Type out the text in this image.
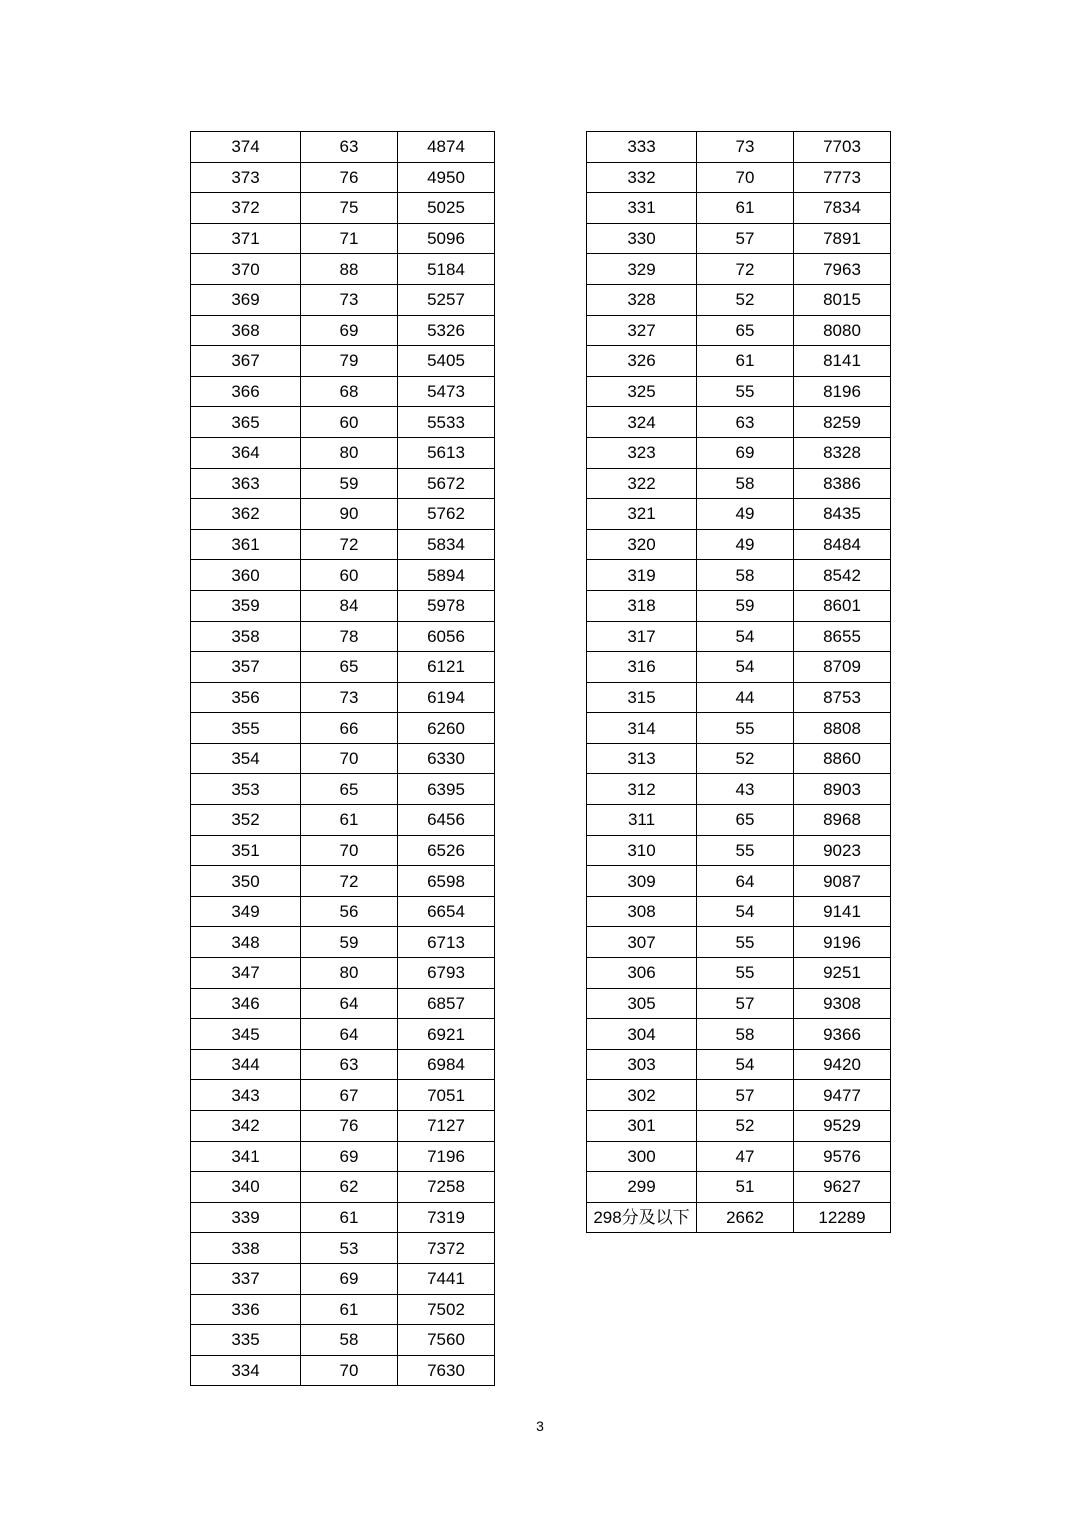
374	63	4874
373	76	4950
372	75	5025
371	71	5096
370	88	5184
369	73	5257
368	69	5326
367	79	5405
366	68	5473
365	60	5533
364	80	5613
363	59	5672
362	90	5762
361	72	5834
360	60	5894
359	84	5978
358	78	6056
357	65	6121
356	73	6194
355	66	6260
354	70	6330
353	65	6395
352	61	6456
351	70	6526
350	72	6598
349	56	6654
348	59	6713
347	80	6793
346	64	6857
345	64	6921
344	63	6984
343	67	7051
342	76	7127
341	69	7196
340	62	7258
339	61	7319
338	53	7372
337	69	7441
336	61	7502
335	58	7560
334	70	7630
333	73	7703
332	70	7773
331	61	7834
330	57	7891
329	72	7963
328	52	8015
327	65	8080
326	61	8141
325	55	8196
324	63	8259
323	69	8328
322	58	8386
321	49	8435
320	49	8484
319	58	8542
318	59	8601
317	54	8655
316	54	8709
315	44	8753
314	55	8808
313	52	8860
312	43	8903
311	65	8968
310	55	9023
309	64	9087
308	54	9141
307	55	9196
306	55	9251
305	57	9308
304	58	9366
303	54	9420
302	57	9477
301	52	9529
300	47	9576
299	51	9627
298分及以下	2662	12289
3
